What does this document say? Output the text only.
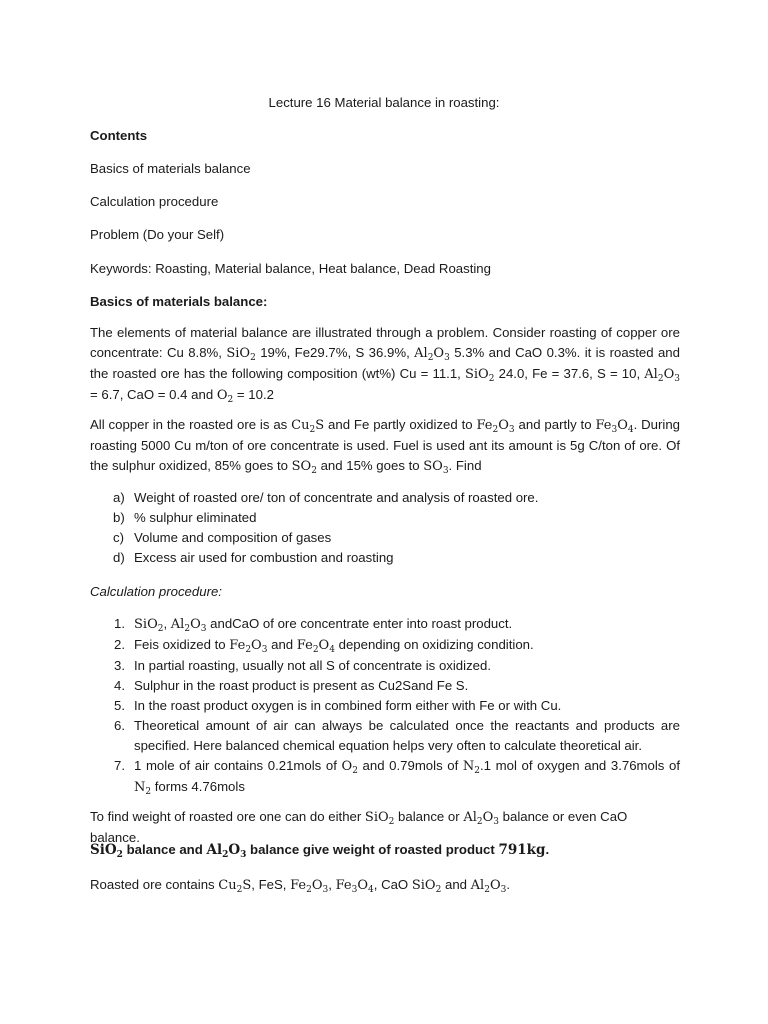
Lecture 16 Material balance in roasting:
Contents
Basics of materials balance
Calculation procedure
Problem (Do your Self)
Keywords: Roasting, Material balance, Heat balance, Dead Roasting
Basics of materials balance:
The elements of material balance are illustrated through a problem. Consider roasting of copper ore concentrate: Cu 8.8%, SiO$_2$ 19%, Fe29.7%, S 36.9%, $Al_2O_3$ 5.3% and CaO 0.3%. it is roasted and the roasted ore has the following composition (wt%) Cu = 11.1, SiO$_2$ 24.0, Fe = 37.6, S = 10, $Al_2O_3 = 6.7$, CaO = 0.4 and $O_2 = 10.2$
All copper in the roasted ore is as $Cu_2S$ and Fe partly oxidized to $Fe_2O_3$ and partly to $Fe_3O_4$. During roasting 5000 Cu m/ton of ore concentrate is used. Fuel is used ant its amount is 5g C/ton of ore. Of the sulphur oxidized, 85% goes to $SO_2$ and 15% goes to $SO_3$. Find
a) Weight of roasted ore/ ton of concentrate and analysis of roasted ore.
b) % sulphur eliminated
c) Volume and composition of gases
d) Excess air used for combustion and roasting
Calculation procedure:
1. SiO$_2$, $Al_2O_3$ andCaO of ore concentrate enter into roast product.
2. Feis oxidized to $Fe_2O_3$ and $Fe_2O_4$ depending on oxidizing condition.
3. In partial roasting, usually not all S of concentrate is oxidized.
4. Sulphur in the roast product is present as Cu2Sand Fe S.
5. In the roast product oxygen is in combined form either with Fe or with Cu.
6. Theoretical amount of air can always be calculated once the reactants and products are specified. Here balanced chemical equation helps very often to calculate theoretical air.
7. 1 mole of air contains 0.21mols of $O_2$ and 0.79mols of $N_2.1$ mol of oxygen and 3.76mols of $N_2$ forms 4.76mols
To find weight of roasted ore one can do either SiO$_2$ balance or $Al_2O_3$ balance or even CaO balance.
SiO$_2$ balance and $Al_2O_3$ balance give weight of roasted product 791kg.
Roasted ore contains $Cu_2S$, FeS, $Fe_2O_3$, $Fe_3O_4$, CaO SiO$_2$ and $Al_2O_3$.
